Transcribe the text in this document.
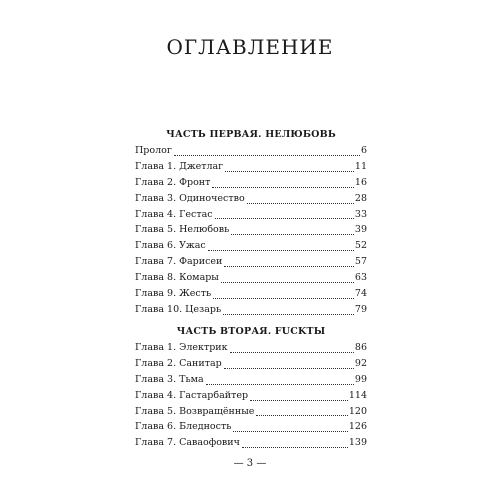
ОГЛАВЛЕНИЕ
ЧАСТЬ ПЕРВАЯ. НЕЛЮБОВЬ
Пролог	6
Глава 1. Джетлаг	11
Глава 2. Фронт	16
Глава 3. Одиночество	28
Глава 4. Гестас	33
Глава 5. Нелюбовь	39
Глава 6. Ужас	52
Глава 7. Фарисеи	57
Глава 8. Комары	63
Глава 9. Жесть	74
Глава 10. Цезарь	79
ЧАСТЬ ВТОРАЯ. FUCKTЫ
Глава 1. Электрик	86
Глава 2. Санитар	92
Глава 3. Тьма	99
Глава 4. Гастарбайтер	114
Глава 5. Возвращённые	120
Глава 6. Бледность	126
Глава 7. Саваофович	139
— 3 —
